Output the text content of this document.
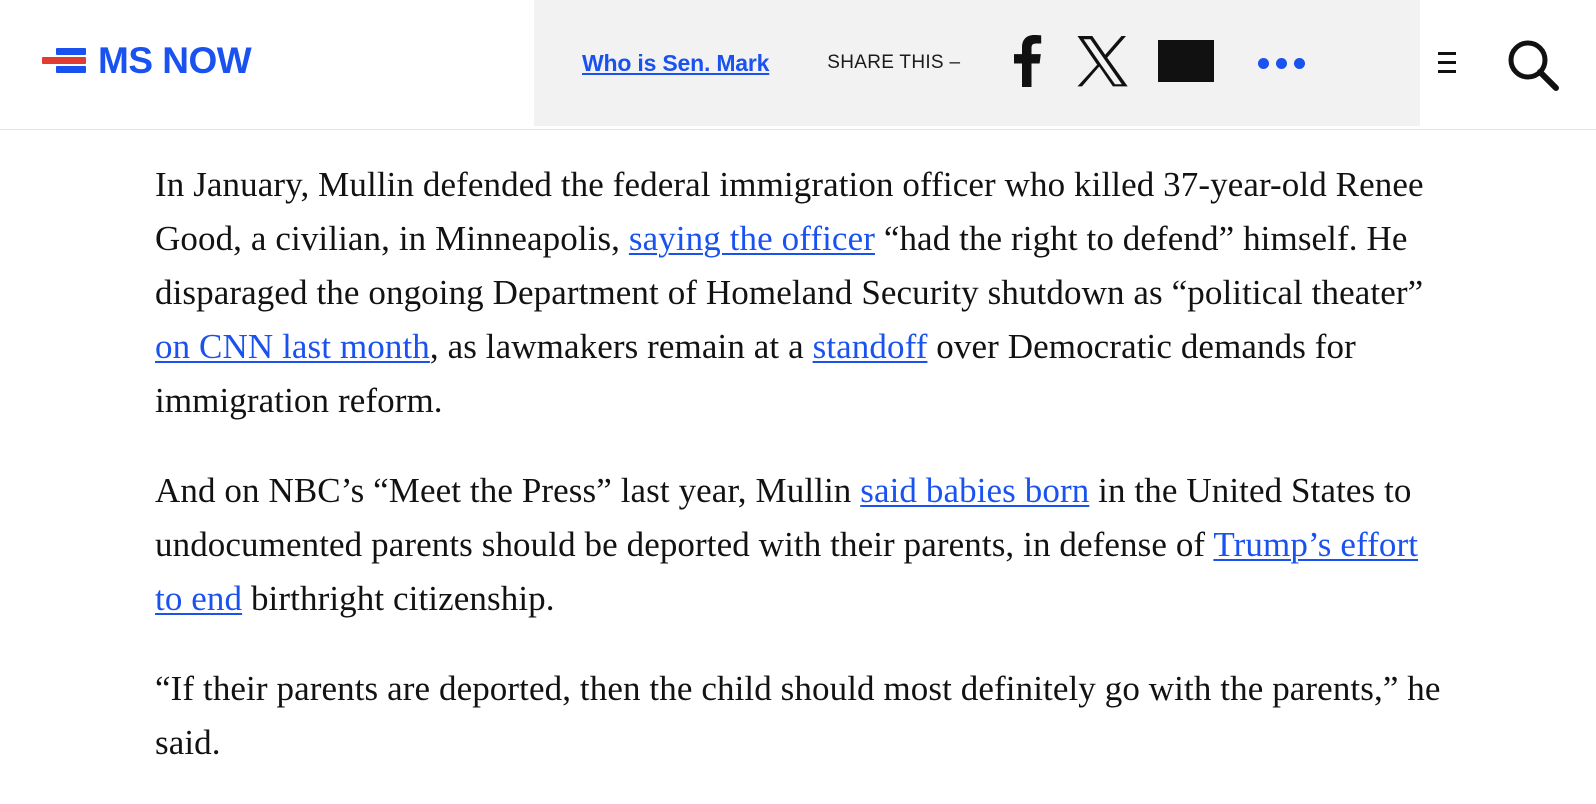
MS NOW	Who is Sen. Mark	SHARE THIS –

In January, Mullin defended the federal immigration officer who killed 37-year-old Renee Good, a civilian, in Minneapolis, saying the officer “had the right to defend” himself. He disparaged the ongoing Department of Homeland Security shutdown as “political theater” on CNN last month, as lawmakers remain at a standoff over Democratic demands for immigration reform.

And on NBC’s “Meet the Press” last year, Mullin said babies born in the United States to undocumented parents should be deported with their parents, in defense of Trump’s effort to end birthright citizenship.

“If their parents are deported, then the child should most definitely go with the parents,” he said.
